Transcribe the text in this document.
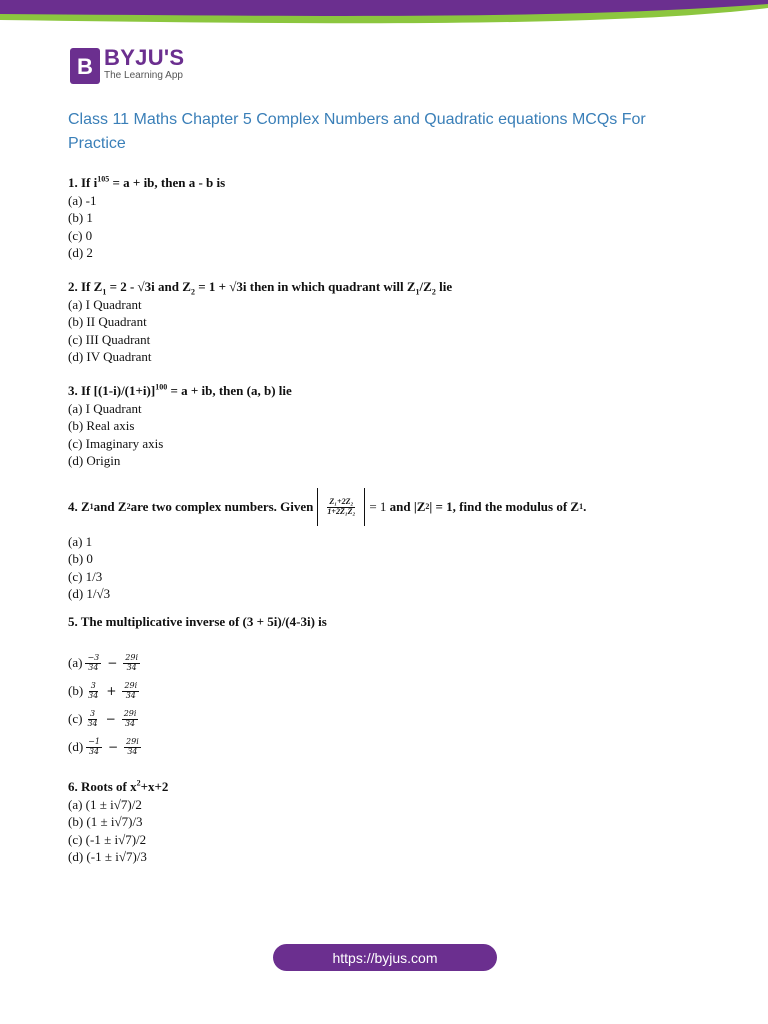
B BYJU'S
The Learning App
Class 11 Maths Chapter 5 Complex Numbers and Quadratic equations MCQs For Practice
1. If $i^{105} = a$ + ib, then a - b is
(a) -1
(b) 1
(c) 0
(d) 2
2. If $Z_1 = 2 - √3i$ and $Z_2 = 1 + √3i$ then in which quadrant will $Z_1/Z_2$ lie
(a) I Quadrant
(b) II Quadrant
(c) III Quadrant
(d) IV Quadrant
3. If $[(1-i)/(1+i)]^{100} = a$ + ib, then (a, b) lie
(a) I Quadrant
(b) Real axis
(c) Imaginary axis
(d) Origin
4. Z 1 and Z 2 are two complex numbers. Given $\frac{\text{Z₁+2Z₂}}{\text{1+2Z̄₁Z₂}} = 1$
and |Z 2 | = 1, find the modulus of Z 1 .
(a) 1
(b) 0
(c) 1/3
(d) 1/√3
5. The multiplicative inverse of (3 + 5i)/(4-3i) is
$(a) \frac{-3}{34} - \frac{29i}{34}$
$(b) \frac{3}{34} + \frac{29i}{34}$
$(c) \frac{3}{34} - \frac{29i}{34}$
$(d) \frac{-1}{34} - \frac{29i}{34}$
6. Roots of $x^2+x+2$
(a) (1 ± i√7)/2
(b) (1 ± i√7)/3
(c) (-1 ± i√7)/2
(d) (-1 ± i√7)/3
https://byjus.com
